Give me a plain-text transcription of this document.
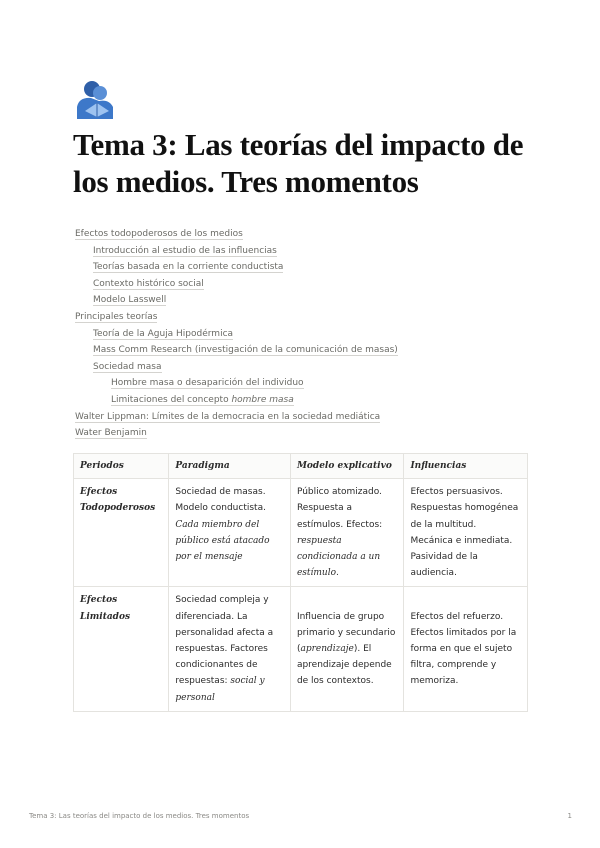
Tema 3: Las teorías del impacto de los medios. Tres momentos
Efectos todopoderosos de los medios
Introducción al estudio de las influencias
Teorías basada en la corriente conductista
Contexto histórico social
Modelo Lasswell
Principales teorías
Teoría de la Aguja Hipodérmica
Mass Comm Research (investigación de la comunicación de masas)
Sociedad masa
Hombre masa o desaparición del individuo
Limitaciones del concepto hombre masa
Walter Lippman: Límites de la democracia en la sociedad mediática
Water Benjamin
Periodos	Paradigma	Modelo explicativo	Influencias
Efectos Todopoderosos	Sociedad de masas. Modelo conductista. Cada miembro del público está atacado por el mensaje	Público atomizado. Respuesta a estímulos. Efectos: respuesta condicionada a un estímulo.	Efectos persuasivos. Respuestas homogénea de la multitud. Mecánica e inmediata. Pasividad de la audiencia.
Efectos Limitados	Sociedad compleja y diferenciada. La personalidad afecta a respuestas. Factores condicionantes de respuestas: social y personal	Influencia de grupo primario y secundario (aprendizaje). El aprendizaje depende de los contextos.	Efectos del refuerzo. Efectos limitados por la forma en que el sujeto filtra, comprende y memoriza.
Tema 3: Las teorías del impacto de los medios. Tres momentos	1
